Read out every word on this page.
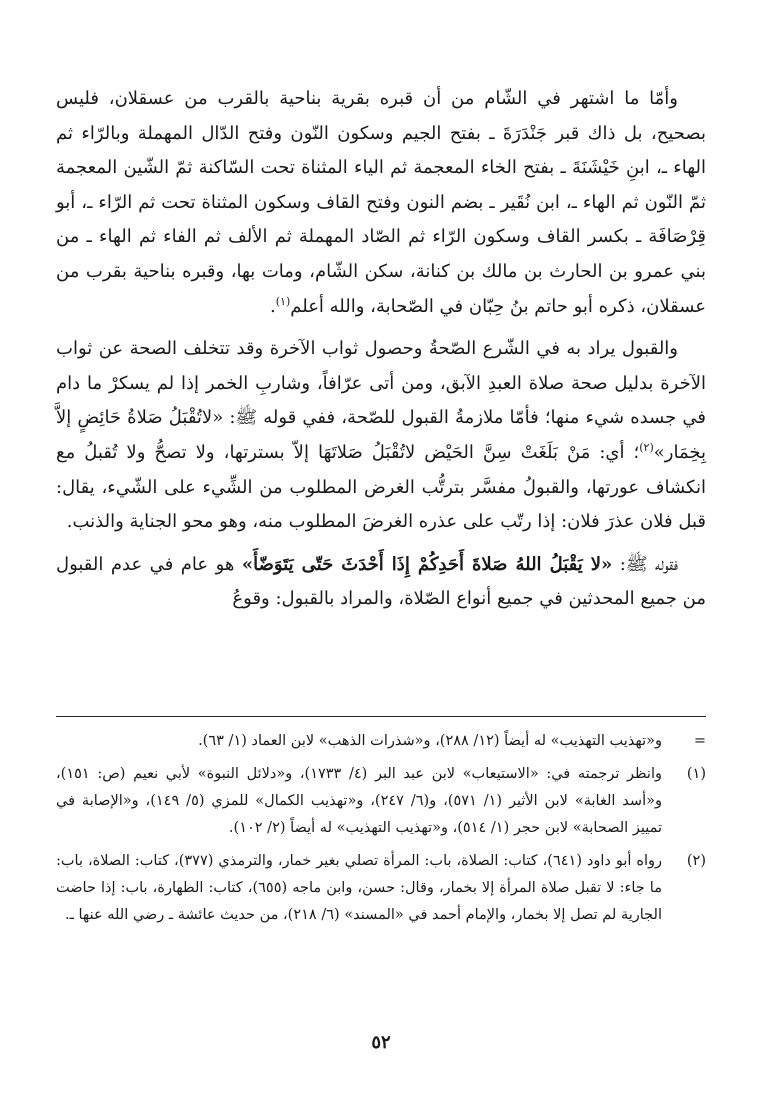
وأمّا ما اشتهر في الشّام من أن قبره بقرية بناحية بالقرب من عسقلان، فليس بصحيح، بل ذاك قبر جَنْدَرَةَ ـ بفتح الجيم وسكون النّون وفتح الدّال المهملة وبالرّاء ثم الهاء ـ، ابنِ خَيْشَنَةَ ـ بفتح الخاء المعجمة ثم الياء المثناة تحت السّاكنة ثمّ الشّين المعجمة ثمّ النّون ثم الهاء ـ، ابن نُقَير ـ بضم النون وفتح القاف وسكون المثناة تحت ثم الرّاء ـ، أبو قِرْصَافَة ـ بكسر القاف وسكون الرّاء ثم الصّاد المهملة ثم الألف ثم الفاء ثم الهاء ـ من بني عمرو بن الحارث بن مالك بن كنانة، سكن الشّام، ومات بها، وقبره بناحية بقرب من عسقلان، ذكره أبو حاتم بنُ حِبّان في الصّحابة، والله أعلم$^{(١)}$.

والقبول يراد به في الشّرع الصّحةُ وحصول ثواب الآخرة وقد تتخلف الصحة عن ثواب الآخرة بدليل صحة صلاة العبدِ الآبق، ومن أتى عرّافاً، وشاربِ الخمر إذا لم يسكرْ ما دام في جسده شيء منها؛ فأمّا ملازمةُ القبول للصّحة، ففي قوله ﷺ: «لاتُقْبَلُ صَلاةُ حَائِضٍ إلاَّ بِخِمَار»$^{(٢)}$؛ أي: مَنْ بَلَغَتْ سِنَّ الحَيْض لاتُقْبَلُ صَلاتَهَا إلاّ بسترتها، ولا تصحُّ ولا تُقبلُ مع انكشاف عورتها، والقبولُ مفسَّر بترتُّب الغرض المطلوب من الشِّيء على الشّيء، يقال: قبل فلان عذرَ فلان: إذا رتّب على عذره الغرضَ المطلوب منه، وهو محو الجناية والذنب.

فقوله ﷺ: «لا يَقْبَلُ اللهُ صَلاةَ أَحَدِكُمْ إِذَا أَحْدَثَ حَتّى يَتَوَضّأَ» هو عام في عدم القبول من جميع المحدثين في جميع أنواع الصّلاة، والمراد بالقبول: وقوعُ

=
و«تهذيب التهذيب» له أيضاً (١٢/ ٢٨٨)، و«شذرات الذهب» لابن العماد (١/ ٦٣).
(١)
وانظر ترجمته في: «الاستيعاب» لابن عبد البر (٤/ ١٧٣٣)، و«دلائل النبوة» لأبي نعيم (ص: ١٥١)، و«أسد الغابة» لابن الأثير (١/ ٥٧١)، و(٦/ ٢٤٧)، و«تهذيب الكمال» للمزي (٥/ ١٤٩)، و«الإصابة في تمييز الصحابة» لابن حجر (١/ ٥١٤)، و«تهذيب التهذيب» له أيضاً (٢/ ١٠٢).
(٢)
رواه أبو داود (٦٤١)، كتاب: الصلاة، باب: المرأة تصلي بغير خمار، والترمذي (٣٧٧)، كتاب: الصلاة، باب: ما جاء: لا تقبل صلاة المرأة إلا بخمار، وقال: حسن، وابن ماجه (٦٥٥)، كتاب: الطهارة، باب: إذا حاضت الجارية لم تصل إلا بخمار، والإمام أحمد في «المسند» (٦/ ٢١٨)، من حديث عائشة ـ رضي الله عنها ـ.
٥٢
